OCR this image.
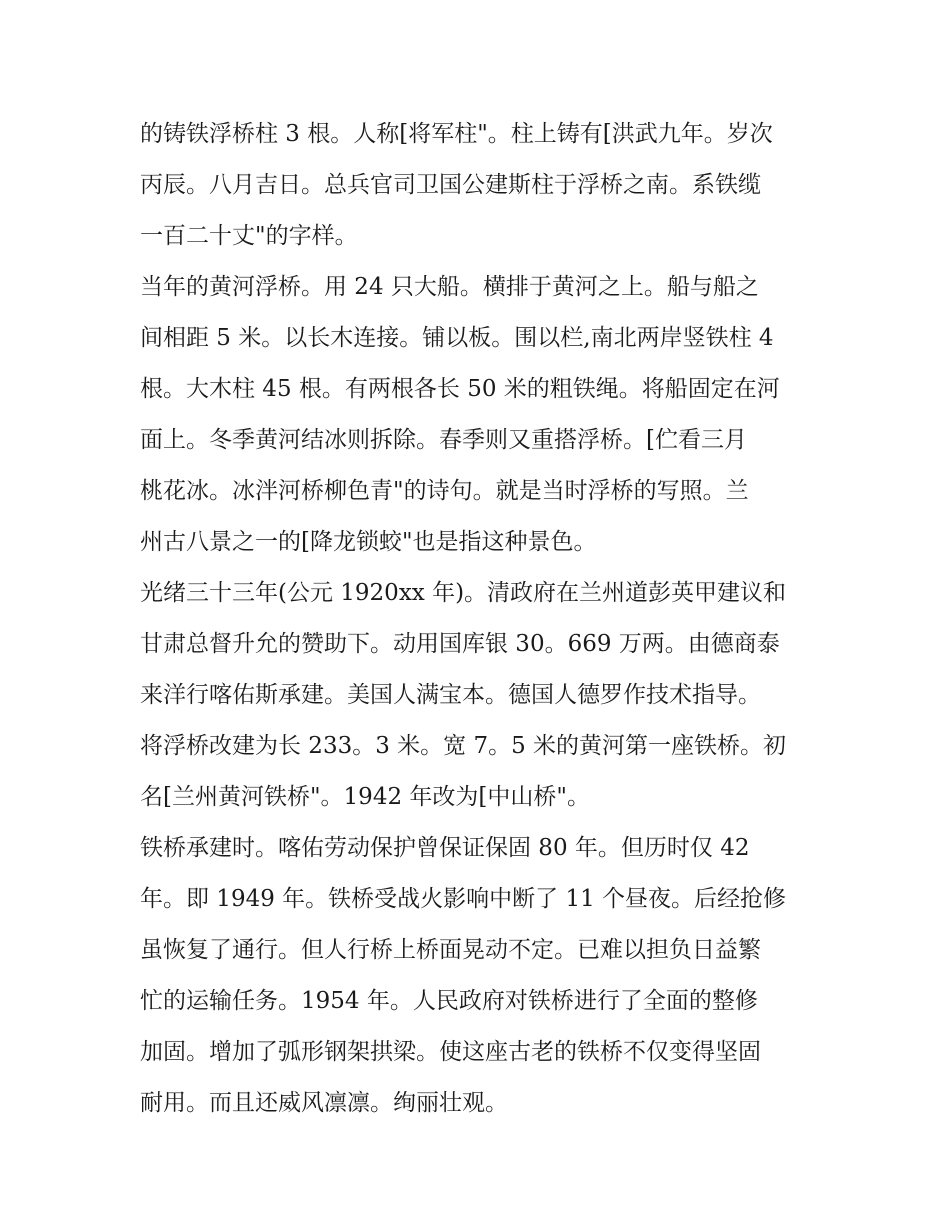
的铸铁浮桥柱 3 根。人称[将军柱"。柱上铸有[洪武九年。岁次
丙辰。八月吉日。总兵官司卫国公建斯柱于浮桥之南。系铁缆
一百二十丈"的字样。

当年的黄河浮桥。用 24 只大船。横排于黄河之上。船与船之
间相距 5 米。以长木连接。铺以板。围以栏,南北两岸竖铁柱 4
根。大木柱 45 根。有两根各长 50 米的粗铁绳。将船固定在河
面上。冬季黄河结冰则拆除。春季则又重搭浮桥。[伫看三月
桃花冰。冰泮河桥柳色青"的诗句。就是当时浮桥的写照。兰
州古八景之一的[降龙锁蛟"也是指这种景色。

光绪三十三年(公元 1920xx 年)。清政府在兰州道彭英甲建议和
甘肃总督升允的赞助下。动用国库银 30。669 万两。由德商泰
来洋行喀佑斯承建。美国人满宝本。德国人德罗作技术指导。
将浮桥改建为长 233。3 米。宽 7。5 米的黄河第一座铁桥。初
名[兰州黄河铁桥"。1942 年改为[中山桥"。

铁桥承建时。喀佑劳动保护曾保证保固 80 年。但历时仅 42
年。即 1949 年。铁桥受战火影响中断了 11 个昼夜。后经抢修
虽恢复了通行。但人行桥上桥面晃动不定。已难以担负日益繁
忙的运输任务。1954 年。人民政府对铁桥进行了全面的整修
加固。增加了弧形钢架拱梁。使这座古老的铁桥不仅变得坚固
耐用。而且还威风凛凛。绚丽壮观。
